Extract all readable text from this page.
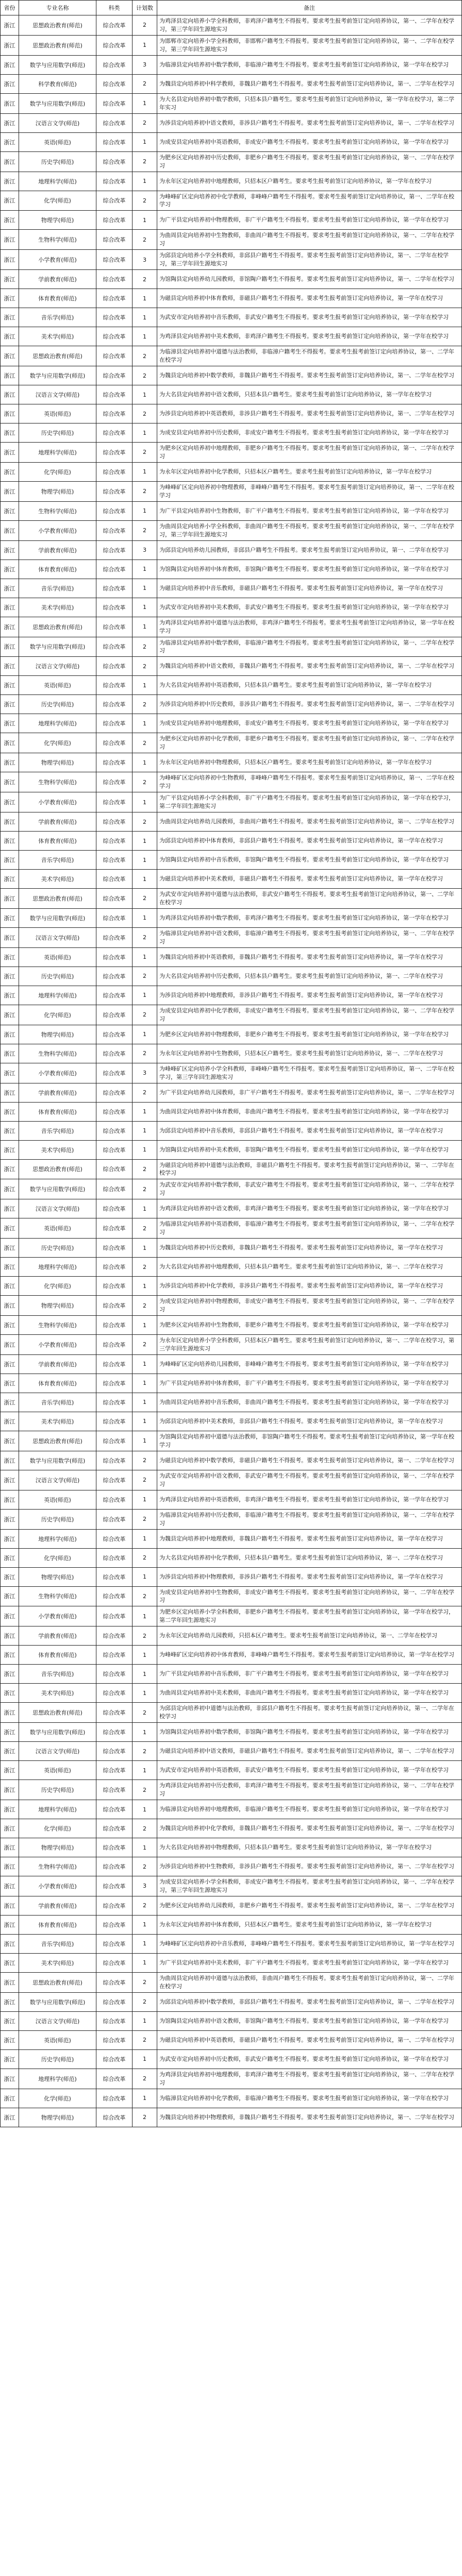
省份	专业名称	科类	计划数	备注
浙江	思想政治教育(师范)	综合改革	2	为鸡泽县定向培养小学全科教师，非鸡泽户籍考生不得报考。要求考生报考前签订定向培养协议，第一、二学年在校学习，第三学年回生源地实习
浙江	思想政治教育(师范)	综合改革	1	为邯郸市定向培养小学全科教师，非邯郸户籍考生不得报考。要求考生报考前签订定向培养协议，第一、二学年在校学习，第三学年回生源地实习
浙江	数学与应用数学(师范)	综合改革	3	为临漳县定向培养初中数学教师，非临漳户籍考生不得报考。要求考生报考前签订定向培养协议，第一学年在校学习
浙江	科学教育(师范)	综合改革	2	为魏县定向培养初中科学教师，非魏县户籍考生不得报考。要求考生报考前签订定向培养协议，第一、二学年在校学习
浙江	数学与应用数学(师范)	综合改革	1	为大名县定向培养初中数学教师，只招本县户籍考生。要求考生报考前签订定向培养协议，第一学年在校学习，第二学年实习
浙江	汉语言文学(师范)	综合改革	2	为涉县定向培养初中语文教师，非涉县户籍考生不得报考。要求考生报考前签订定向培养协议，第一、二学年在校学习
浙江	英语(师范)	综合改革	1	为成安县定向培养初中英语教师，非成安户籍考生不得报考。要求考生报考前签订定向培养协议，第一学年在校学习
浙江	历史学(师范)	综合改革	2	为肥乡区定向培养初中历史教师，非肥乡户籍考生不得报考。要求考生报考前签订定向培养协议，第一、二学年在校学习
浙江	地理科学(师范)	综合改革	1	为永年区定向培养初中地理教师，只招本区户籍考生。要求考生报考前签订定向培养协议，第一学年在校学习
浙江	化学(师范)	综合改革	2	为峰峰矿区定向培养初中化学教师，非峰峰户籍考生不得报考。要求考生报考前签订定向培养协议，第一、二学年在校学习
浙江	物理学(师范)	综合改革	1	为广平县定向培养初中物理教师，非广平户籍考生不得报考。要求考生报考前签订定向培养协议，第一学年在校学习
浙江	生物科学(师范)	综合改革	2	为曲周县定向培养初中生物教师，非曲周户籍考生不得报考。要求考生报考前签订定向培养协议，第一、二学年在校学习
浙江	小学教育(师范)	综合改革	3	为邱县定向培养小学全科教师，非邱县户籍考生不得报考。要求考生报考前签订定向培养协议，第一、二学年在校学习，第三学年回生源地实习
浙江	学前教育(师范)	综合改革	2	为馆陶县定向培养幼儿园教师，非馆陶户籍考生不得报考。要求考生报考前签订定向培养协议，第一、二学年在校学习
浙江	体育教育(师范)	综合改革	1	为磁县定向培养初中体育教师，非磁县户籍考生不得报考。要求考生报考前签订定向培养协议，第一学年在校学习
浙江	音乐学(师范)	综合改革	1	为武安市定向培养初中音乐教师，非武安户籍考生不得报考。要求考生报考前签订定向培养协议，第一学年在校学习
浙江	美术学(师范)	综合改革	1	为鸡泽县定向培养初中美术教师，非鸡泽户籍考生不得报考。要求考生报考前签订定向培养协议，第一学年在校学习
浙江	思想政治教育(师范)	综合改革	2	为临漳县定向培养初中道德与法治教师，非临漳户籍考生不得报考。要求考生报考前签订定向培养协议，第一、二学年在校学习
浙江	数学与应用数学(师范)	综合改革	2	为魏县定向培养初中数学教师，非魏县户籍考生不得报考。要求考生报考前签订定向培养协议，第一、二学年在校学习
浙江	汉语言文学(师范)	综合改革	1	为大名县定向培养初中语文教师，只招本县户籍考生。要求考生报考前签订定向培养协议，第一学年在校学习
浙江	英语(师范)	综合改革	2	为涉县定向培养初中英语教师，非涉县户籍考生不得报考。要求考生报考前签订定向培养协议，第一、二学年在校学习
浙江	历史学(师范)	综合改革	1	为成安县定向培养初中历史教师，非成安户籍考生不得报考。要求考生报考前签订定向培养协议，第一学年在校学习
浙江	地理科学(师范)	综合改革	2	为肥乡区定向培养初中地理教师，非肥乡户籍考生不得报考。要求考生报考前签订定向培养协议，第一、二学年在校学习
浙江	化学(师范)	综合改革	1	为永年区定向培养初中化学教师，只招本区户籍考生。要求考生报考前签订定向培养协议，第一学年在校学习
浙江	物理学(师范)	综合改革	2	为峰峰矿区定向培养初中物理教师，非峰峰户籍考生不得报考。要求考生报考前签订定向培养协议，第一、二学年在校学习
浙江	生物科学(师范)	综合改革	1	为广平县定向培养初中生物教师，非广平户籍考生不得报考。要求考生报考前签订定向培养协议，第一学年在校学习
浙江	小学教育(师范)	综合改革	2	为曲周县定向培养小学全科教师，非曲周户籍考生不得报考。要求考生报考前签订定向培养协议，第一、二学年在校学习，第三学年回生源地实习
浙江	学前教育(师范)	综合改革	3	为邱县定向培养幼儿园教师，非邱县户籍考生不得报考。要求考生报考前签订定向培养协议，第一、二学年在校学习
浙江	体育教育(师范)	综合改革	1	为馆陶县定向培养初中体育教师，非馆陶户籍考生不得报考。要求考生报考前签订定向培养协议，第一学年在校学习
浙江	音乐学(师范)	综合改革	1	为磁县定向培养初中音乐教师，非磁县户籍考生不得报考。要求考生报考前签订定向培养协议，第一学年在校学习
浙江	美术学(师范)	综合改革	1	为武安市定向培养初中美术教师，非武安户籍考生不得报考。要求考生报考前签订定向培养协议，第一学年在校学习
浙江	思想政治教育(师范)	综合改革	1	为鸡泽县定向培养初中道德与法治教师，非鸡泽户籍考生不得报考。要求考生报考前签订定向培养协议，第一学年在校学习
浙江	数学与应用数学(师范)	综合改革	2	为临漳县定向培养初中数学教师，非临漳户籍考生不得报考。要求考生报考前签订定向培养协议，第一、二学年在校学习
浙江	汉语言文学(师范)	综合改革	2	为魏县定向培养初中语文教师，非魏县户籍考生不得报考。要求考生报考前签订定向培养协议，第一、二学年在校学习
浙江	英语(师范)	综合改革	1	为大名县定向培养初中英语教师，只招本县户籍考生。要求考生报考前签订定向培养协议，第一学年在校学习
浙江	历史学(师范)	综合改革	2	为涉县定向培养初中历史教师，非涉县户籍考生不得报考。要求考生报考前签订定向培养协议，第一、二学年在校学习
浙江	地理科学(师范)	综合改革	1	为成安县定向培养初中地理教师，非成安户籍考生不得报考。要求考生报考前签订定向培养协议，第一学年在校学习
浙江	化学(师范)	综合改革	2	为肥乡区定向培养初中化学教师，非肥乡户籍考生不得报考。要求考生报考前签订定向培养协议，第一、二学年在校学习
浙江	物理学(师范)	综合改革	1	为永年区定向培养初中物理教师，只招本区户籍考生。要求考生报考前签订定向培养协议，第一学年在校学习
浙江	生物科学(师范)	综合改革	2	为峰峰矿区定向培养初中生物教师，非峰峰户籍考生不得报考。要求考生报考前签订定向培养协议，第一、二学年在校学习
浙江	小学教育(师范)	综合改革	1	为广平县定向培养小学全科教师，非广平户籍考生不得报考。要求考生报考前签订定向培养协议，第一学年在校学习，第二学年回生源地实习
浙江	学前教育(师范)	综合改革	2	为曲周县定向培养幼儿园教师，非曲周户籍考生不得报考。要求考生报考前签订定向培养协议，第一、二学年在校学习
浙江	体育教育(师范)	综合改革	1	为邱县定向培养初中体育教师，非邱县户籍考生不得报考。要求考生报考前签订定向培养协议，第一学年在校学习
浙江	音乐学(师范)	综合改革	1	为馆陶县定向培养初中音乐教师，非馆陶户籍考生不得报考。要求考生报考前签订定向培养协议，第一学年在校学习
浙江	美术学(师范)	综合改革	1	为磁县定向培养初中美术教师，非磁县户籍考生不得报考。要求考生报考前签订定向培养协议，第一学年在校学习
浙江	思想政治教育(师范)	综合改革	2	为武安市定向培养初中道德与法治教师，非武安户籍考生不得报考。要求考生报考前签订定向培养协议，第一、二学年在校学习
浙江	数学与应用数学(师范)	综合改革	1	为鸡泽县定向培养初中数学教师，非鸡泽户籍考生不得报考。要求考生报考前签订定向培养协议，第一学年在校学习
浙江	汉语言文学(师范)	综合改革	2	为临漳县定向培养初中语文教师，非临漳户籍考生不得报考。要求考生报考前签订定向培养协议，第一、二学年在校学习
浙江	英语(师范)	综合改革	1	为魏县定向培养初中英语教师，非魏县户籍考生不得报考。要求考生报考前签订定向培养协议，第一学年在校学习
浙江	历史学(师范)	综合改革	2	为大名县定向培养初中历史教师，只招本县户籍考生。要求考生报考前签订定向培养协议，第一、二学年在校学习
浙江	地理科学(师范)	综合改革	1	为涉县定向培养初中地理教师，非涉县户籍考生不得报考。要求考生报考前签订定向培养协议，第一学年在校学习
浙江	化学(师范)	综合改革	2	为成安县定向培养初中化学教师，非成安户籍考生不得报考。要求考生报考前签订定向培养协议，第一、二学年在校学习
浙江	物理学(师范)	综合改革	1	为肥乡区定向培养初中物理教师，非肥乡户籍考生不得报考。要求考生报考前签订定向培养协议，第一学年在校学习
浙江	生物科学(师范)	综合改革	2	为永年区定向培养初中生物教师，只招本区户籍考生。要求考生报考前签订定向培养协议，第一、二学年在校学习
浙江	小学教育(师范)	综合改革	3	为峰峰矿区定向培养小学全科教师，非峰峰户籍考生不得报考。要求考生报考前签订定向培养协议，第一、二学年在校学习，第三学年回生源地实习
浙江	学前教育(师范)	综合改革	2	为广平县定向培养幼儿园教师，非广平户籍考生不得报考。要求考生报考前签订定向培养协议，第一、二学年在校学习
浙江	体育教育(师范)	综合改革	1	为曲周县定向培养初中体育教师，非曲周户籍考生不得报考。要求考生报考前签订定向培养协议，第一学年在校学习
浙江	音乐学(师范)	综合改革	1	为邱县定向培养初中音乐教师，非邱县户籍考生不得报考。要求考生报考前签订定向培养协议，第一学年在校学习
浙江	美术学(师范)	综合改革	1	为馆陶县定向培养初中美术教师，非馆陶户籍考生不得报考。要求考生报考前签订定向培养协议，第一学年在校学习
浙江	思想政治教育(师范)	综合改革	2	为磁县定向培养初中道德与法治教师，非磁县户籍考生不得报考。要求考生报考前签订定向培养协议，第一、二学年在校学习
浙江	数学与应用数学(师范)	综合改革	2	为武安市定向培养初中数学教师，非武安户籍考生不得报考。要求考生报考前签订定向培养协议，第一、二学年在校学习
浙江	汉语言文学(师范)	综合改革	1	为鸡泽县定向培养初中语文教师，非鸡泽户籍考生不得报考。要求考生报考前签订定向培养协议，第一学年在校学习
浙江	英语(师范)	综合改革	2	为临漳县定向培养初中英语教师，非临漳户籍考生不得报考。要求考生报考前签订定向培养协议，第一、二学年在校学习
浙江	历史学(师范)	综合改革	1	为魏县定向培养初中历史教师，非魏县户籍考生不得报考。要求考生报考前签订定向培养协议，第一学年在校学习
浙江	地理科学(师范)	综合改革	2	为大名县定向培养初中地理教师，只招本县户籍考生。要求考生报考前签订定向培养协议，第一、二学年在校学习
浙江	化学(师范)	综合改革	1	为涉县定向培养初中化学教师，非涉县户籍考生不得报考。要求考生报考前签订定向培养协议，第一学年在校学习
浙江	物理学(师范)	综合改革	2	为成安县定向培养初中物理教师，非成安户籍考生不得报考。要求考生报考前签订定向培养协议，第一、二学年在校学习
浙江	生物科学(师范)	综合改革	1	为肥乡区定向培养初中生物教师，非肥乡户籍考生不得报考。要求考生报考前签订定向培养协议，第一学年在校学习
浙江	小学教育(师范)	综合改革	2	为永年区定向培养小学全科教师，只招本区户籍考生。要求考生报考前签订定向培养协议，第一、二学年在校学习，第三学年回生源地实习
浙江	学前教育(师范)	综合改革	1	为峰峰矿区定向培养幼儿园教师，非峰峰户籍考生不得报考。要求考生报考前签订定向培养协议，第一学年在校学习
浙江	体育教育(师范)	综合改革	1	为广平县定向培养初中体育教师，非广平户籍考生不得报考。要求考生报考前签订定向培养协议，第一学年在校学习
浙江	音乐学(师范)	综合改革	1	为曲周县定向培养初中音乐教师，非曲周户籍考生不得报考。要求考生报考前签订定向培养协议，第一学年在校学习
浙江	美术学(师范)	综合改革	1	为邱县定向培养初中美术教师，非邱县户籍考生不得报考。要求考生报考前签订定向培养协议，第一学年在校学习
浙江	思想政治教育(师范)	综合改革	1	为馆陶县定向培养初中道德与法治教师，非馆陶户籍考生不得报考。要求考生报考前签订定向培养协议，第一学年在校学习
浙江	数学与应用数学(师范)	综合改革	2	为磁县定向培养初中数学教师，非磁县户籍考生不得报考。要求考生报考前签订定向培养协议，第一、二学年在校学习
浙江	汉语言文学(师范)	综合改革	2	为武安市定向培养初中语文教师，非武安户籍考生不得报考。要求考生报考前签订定向培养协议，第一、二学年在校学习
浙江	英语(师范)	综合改革	1	为鸡泽县定向培养初中英语教师，非鸡泽户籍考生不得报考。要求考生报考前签订定向培养协议，第一学年在校学习
浙江	历史学(师范)	综合改革	2	为临漳县定向培养初中历史教师，非临漳户籍考生不得报考。要求考生报考前签订定向培养协议，第一、二学年在校学习
浙江	地理科学(师范)	综合改革	1	为魏县定向培养初中地理教师，非魏县户籍考生不得报考。要求考生报考前签订定向培养协议，第一学年在校学习
浙江	化学(师范)	综合改革	2	为大名县定向培养初中化学教师，只招本县户籍考生。要求考生报考前签订定向培养协议，第一、二学年在校学习
浙江	物理学(师范)	综合改革	1	为涉县定向培养初中物理教师，非涉县户籍考生不得报考。要求考生报考前签订定向培养协议，第一学年在校学习
浙江	生物科学(师范)	综合改革	2	为成安县定向培养初中生物教师，非成安户籍考生不得报考。要求考生报考前签订定向培养协议，第一、二学年在校学习
浙江	小学教育(师范)	综合改革	1	为肥乡区定向培养小学全科教师，非肥乡户籍考生不得报考。要求考生报考前签订定向培养协议，第一学年在校学习，第二学年回生源地实习
浙江	学前教育(师范)	综合改革	2	为永年区定向培养幼儿园教师，只招本区户籍考生。要求考生报考前签订定向培养协议，第一、二学年在校学习
浙江	体育教育(师范)	综合改革	1	为峰峰矿区定向培养初中体育教师，非峰峰户籍考生不得报考。要求考生报考前签订定向培养协议，第一学年在校学习
浙江	音乐学(师范)	综合改革	1	为广平县定向培养初中音乐教师，非广平户籍考生不得报考。要求考生报考前签订定向培养协议，第一学年在校学习
浙江	美术学(师范)	综合改革	1	为曲周县定向培养初中美术教师，非曲周户籍考生不得报考。要求考生报考前签订定向培养协议，第一学年在校学习
浙江	思想政治教育(师范)	综合改革	2	为邱县定向培养初中道德与法治教师，非邱县户籍考生不得报考。要求考生报考前签订定向培养协议，第一、二学年在校学习
浙江	数学与应用数学(师范)	综合改革	1	为馆陶县定向培养初中数学教师，非馆陶户籍考生不得报考。要求考生报考前签订定向培养协议，第一学年在校学习
浙江	汉语言文学(师范)	综合改革	2	为磁县定向培养初中语文教师，非磁县户籍考生不得报考。要求考生报考前签订定向培养协议，第一、二学年在校学习
浙江	英语(师范)	综合改革	1	为武安市定向培养初中英语教师，非武安户籍考生不得报考。要求考生报考前签订定向培养协议，第一学年在校学习
浙江	历史学(师范)	综合改革	2	为鸡泽县定向培养初中历史教师，非鸡泽户籍考生不得报考。要求考生报考前签订定向培养协议，第一、二学年在校学习
浙江	地理科学(师范)	综合改革	1	为临漳县定向培养初中地理教师，非临漳户籍考生不得报考。要求考生报考前签订定向培养协议，第一学年在校学习
浙江	化学(师范)	综合改革	2	为魏县定向培养初中化学教师，非魏县户籍考生不得报考。要求考生报考前签订定向培养协议，第一、二学年在校学习
浙江	物理学(师范)	综合改革	1	为大名县定向培养初中物理教师，只招本县户籍考生。要求考生报考前签订定向培养协议，第一学年在校学习
浙江	生物科学(师范)	综合改革	2	为涉县定向培养初中生物教师，非涉县户籍考生不得报考。要求考生报考前签订定向培养协议，第一、二学年在校学习
浙江	小学教育(师范)	综合改革	3	为成安县定向培养小学全科教师，非成安户籍考生不得报考。要求考生报考前签订定向培养协议，第一、二学年在校学习，第三学年回生源地实习
浙江	学前教育(师范)	综合改革	2	为肥乡区定向培养幼儿园教师，非肥乡户籍考生不得报考。要求考生报考前签订定向培养协议，第一、二学年在校学习
浙江	体育教育(师范)	综合改革	1	为永年区定向培养初中体育教师，只招本区户籍考生。要求考生报考前签订定向培养协议，第一学年在校学习
浙江	音乐学(师范)	综合改革	1	为峰峰矿区定向培养初中音乐教师，非峰峰户籍考生不得报考。要求考生报考前签订定向培养协议，第一学年在校学习
浙江	美术学(师范)	综合改革	1	为广平县定向培养初中美术教师，非广平户籍考生不得报考。要求考生报考前签订定向培养协议，第一学年在校学习
浙江	思想政治教育(师范)	综合改革	2	为曲周县定向培养初中道德与法治教师，非曲周户籍考生不得报考。要求考生报考前签订定向培养协议，第一、二学年在校学习
浙江	数学与应用数学(师范)	综合改革	2	为邱县定向培养初中数学教师，非邱县户籍考生不得报考。要求考生报考前签订定向培养协议，第一、二学年在校学习
浙江	汉语言文学(师范)	综合改革	1	为馆陶县定向培养初中语文教师，非馆陶户籍考生不得报考。要求考生报考前签订定向培养协议，第一学年在校学习
浙江	英语(师范)	综合改革	2	为磁县定向培养初中英语教师，非磁县户籍考生不得报考。要求考生报考前签订定向培养协议，第一、二学年在校学习
浙江	历史学(师范)	综合改革	1	为武安市定向培养初中历史教师，非武安户籍考生不得报考。要求考生报考前签订定向培养协议，第一学年在校学习
浙江	地理科学(师范)	综合改革	2	为鸡泽县定向培养初中地理教师，非鸡泽户籍考生不得报考。要求考生报考前签订定向培养协议，第一、二学年在校学习
浙江	化学(师范)	综合改革	1	为临漳县定向培养初中化学教师，非临漳户籍考生不得报考。要求考生报考前签订定向培养协议，第一学年在校学习
浙江	物理学(师范)	综合改革	2	为魏县定向培养初中物理教师，非魏县户籍考生不得报考。要求考生报考前签订定向培养协议，第一、二学年在校学习
